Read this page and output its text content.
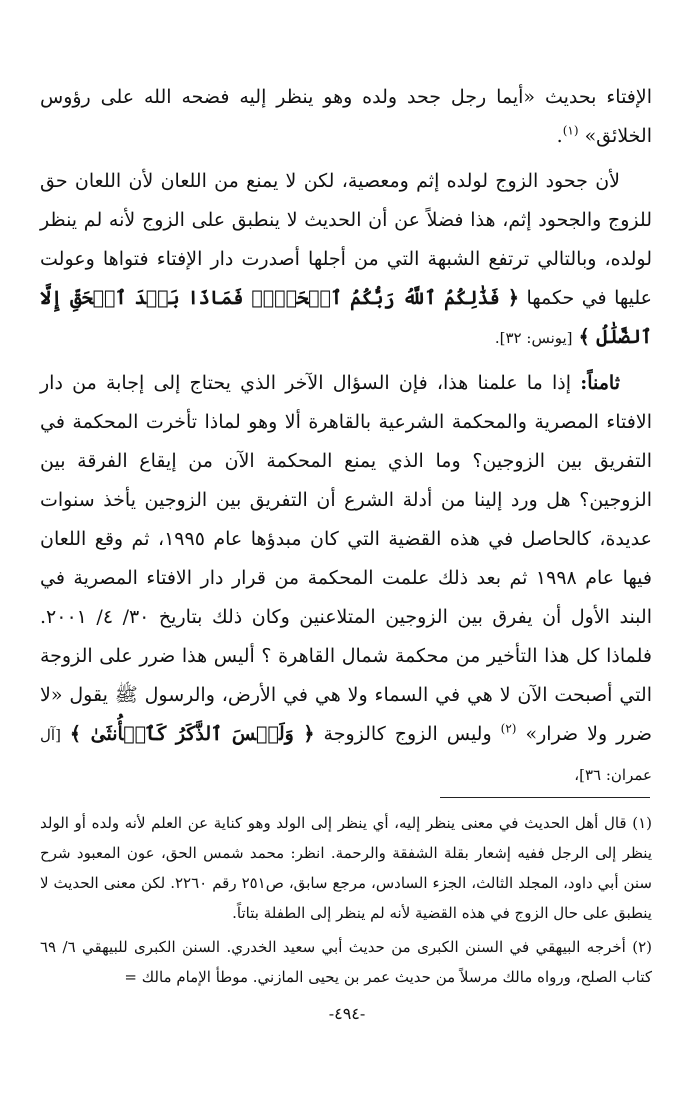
الإفتاء بحديث «أيما رجل جحد ولده وهو ينظر إليه فضحه الله على رؤوس الخلائق» $^{(١)}$.

لأن جحود الزوج لولده إثم ومعصية، لكن لا يمنع من اللعان لأن اللعان حق للزوج والجحود إثم، هذا فضلاً عن أن الحديث لا ينطبق على الزوج لأنه لم ينظر لولده، وبالتالي ترتفع الشبهة التي من أجلها أصدرت دار الإفتاء فتواها وعولت عليها في حكمها ﴿ فَذَٰلِكُمُ ٱللَّهُ رَبُّكُمُ ٱلۡحَقُّۖ فَمَاذَا بَعۡدَ ٱلۡحَقِّ إِلَّا ٱلضَّلَٰلُ ﴾ [يونس: ٣٢].

ثامناً: إذا ما علمنا هذا، فإن السؤال الآخر الذي يحتاج إلى إجابة من دار الافتاء المصرية والمحكمة الشرعية بالقاهرة ألا وهو لماذا تأخرت المحكمة في التفريق بين الزوجين؟ وما الذي يمنع المحكمة الآن من إيقاع الفرقة بين الزوجين؟ هل ورد إلينا من أدلة الشرع أن التفريق بين الزوجين يأخذ سنوات عديدة، كالحاصل في هذه القضية التي كان مبدؤها عام ١٩٩٥، ثم وقع اللعان فيها عام ١٩٩٨ ثم بعد ذلك علمت المحكمة من قرار دار الافتاء المصرية في البند الأول أن يفرق بين الزوجين المتلاعنين وكان ذلك بتاريخ ٣٠/ ٤/ ٢٠٠١. فلماذا كل هذا التأخير من محكمة شمال القاهرة ؟ أليس هذا ضرر على الزوجة التي أصبحت الآن لا هي في السماء ولا هي في الأرض، والرسول ﷺ يقول «لا ضرر ولا ضرار» $^{(٢)}$ وليس الزوج كالزوجة ﴿ وَلَيۡسَ ٱلذَّكَرُ كَٱلۡأُنثَىٰ ﴾ [آل عمران: ٣٦]،

(١) قال أهل الحديث في معنى ينظر إليه، أي ينظر إلى الولد وهو كناية عن العلم لأنه ولده أو الولد ينظر إلى الرجل ففيه إشعار بقلة الشفقة والرحمة. انظر: محمد شمس الحق، عون المعبود شرح سنن أبي داود، المجلد الثالث، الجزء السادس، مرجع سابق، ص٢٥١ رقم ٢٢٦٠. لكن معنى الحديث لا ينطبق على حال الزوج في هذه القضية لأنه لم ينظر إلى الطفلة بتاتاً.

(٢) أخرجه البيهقي في السنن الكبرى من حديث أبي سعيد الخدري. السنن الكبرى للبيهقي ٦/ ٦٩ كتاب الصلح، ورواه مالك مرسلاً من حديث عمر بن يحيى المازني. موطأ الإمام مالك =

-٤٩٤-
